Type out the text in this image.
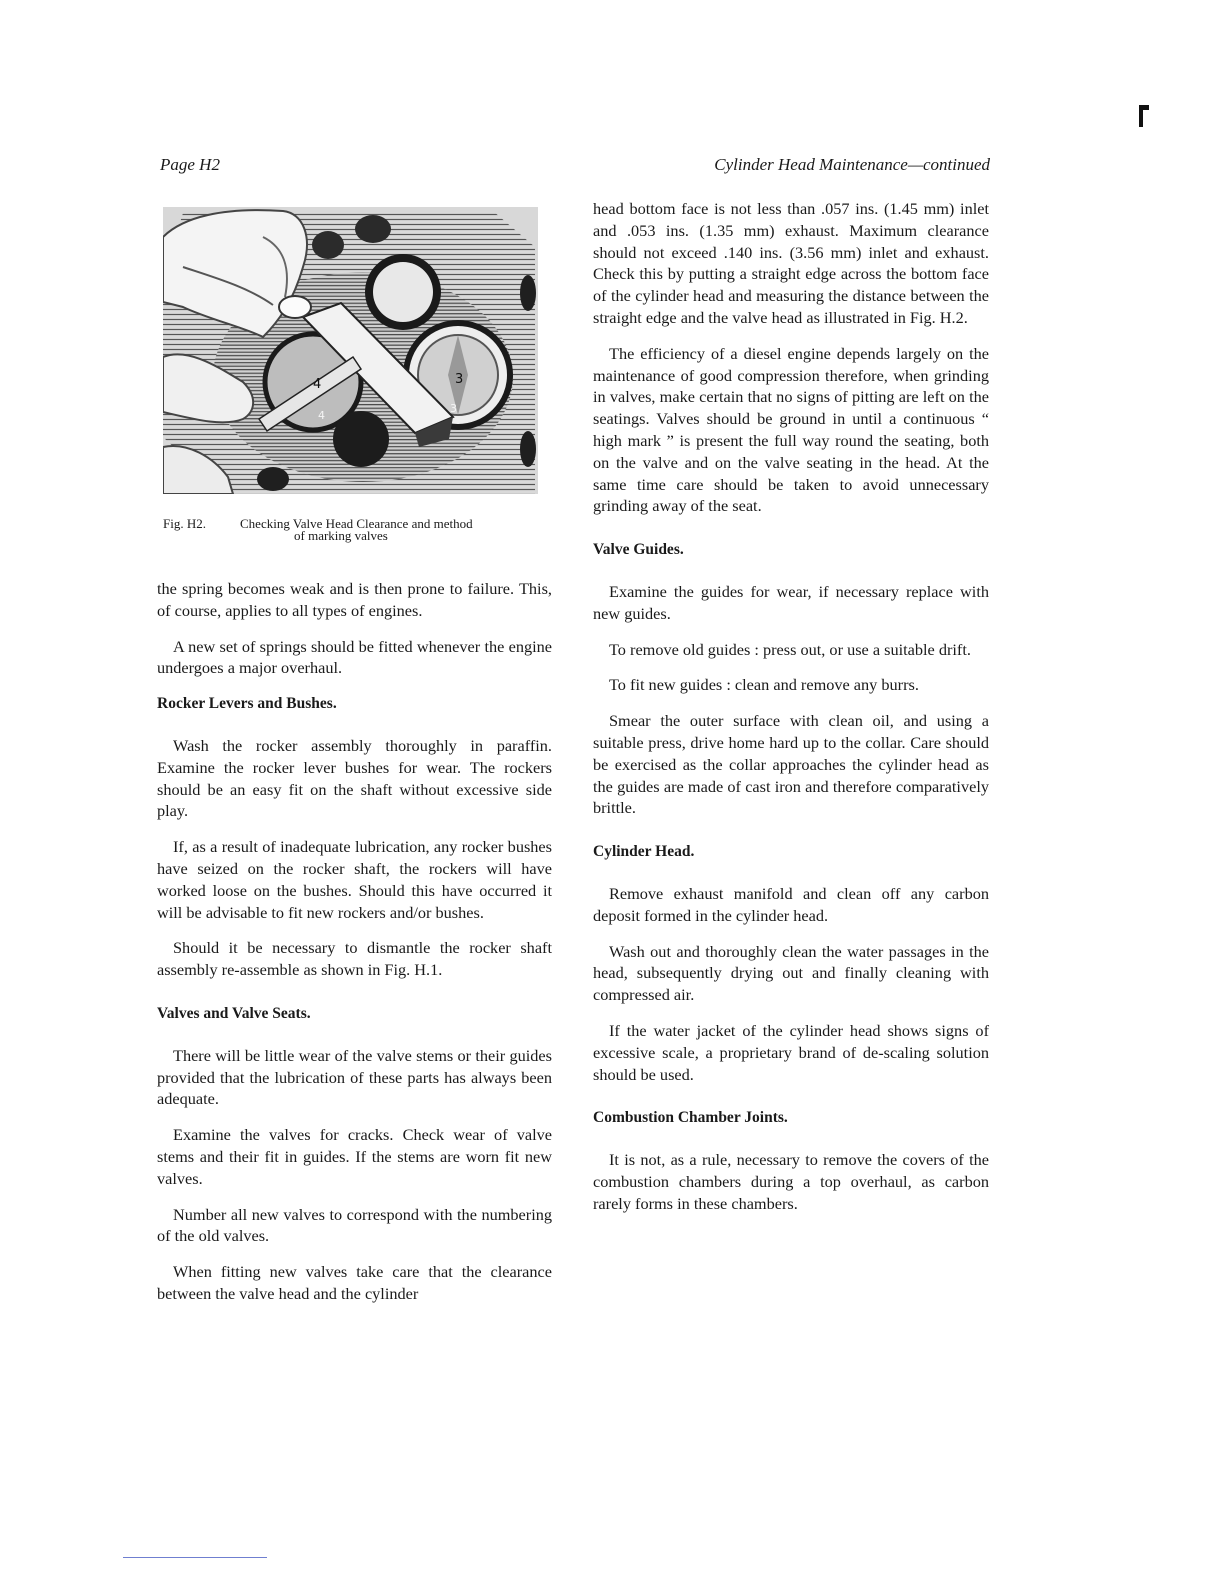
Page H2	Cylinder Head Maintenance—continued
4	3
4
3
Fig. H2.	Checking Valve Head Clearance and method
of marking valves

the spring becomes weak and is then prone to failure. This, of course, applies to all types of engines.

A new set of springs should be fitted whenever the engine undergoes a major overhaul.

Rocker Levers and Bushes.

Wash the rocker assembly thoroughly in paraffin. Examine the rocker lever bushes for wear. The rockers should be an easy fit on the shaft without excessive side play.

If, as a result of inadequate lubrication, any rocker bushes have seized on the rocker shaft, the rockers will have worked loose on the bushes. Should this have occurred it will be advisable to fit new rockers and/or bushes.

Should it be necessary to dismantle the rocker shaft assembly re-assemble as shown in Fig. H.1.

Valves and Valve Seats.

There will be little wear of the valve stems or their guides provided that the lubrication of these parts has always been adequate.

Examine the valves for cracks. Check wear of valve stems and their fit in guides. If the stems are worn fit new valves.

Number all new valves to correspond with the numbering of the old valves.

When fitting new valves take care that the clearance between the valve head and the cylinder

head bottom face is not less than .057 ins. (1.45 mm) inlet and .053 ins. (1.35 mm) exhaust. Maximum clearance should not exceed .140 ins. (3.56 mm) inlet and exhaust. Check this by putting a straight edge across the bottom face of the cylinder head and measuring the distance between the straight edge and the valve head as illustrated in Fig. H.2.

The efficiency of a diesel engine depends largely on the maintenance of good compression therefore, when grinding in valves, make certain that no signs of pitting are left on the seatings. Valves should be ground in until a continuous “ high mark ” is present the full way round the seating, both on the valve and on the valve seating in the head. At the same time care should be taken to avoid unnecessary grinding away of the seat.

Valve Guides.

Examine the guides for wear, if necessary replace with new guides.

To remove old guides : press out, or use a suitable drift.

To fit new guides : clean and remove any burrs.

Smear the outer surface with clean oil, and using a suitable press, drive home hard up to the collar. Care should be exercised as the collar approaches the cylinder head as the guides are made of cast iron and therefore comparatively brittle.

Cylinder Head.

Remove exhaust manifold and clean off any carbon deposit formed in the cylinder head.

Wash out and thoroughly clean the water passages in the head, subsequently drying out and finally cleaning with compressed air.

If the water jacket of the cylinder head shows signs of excessive scale, a proprietary brand of de-scaling solution should be used.

Combustion Chamber Joints.

It is not, as a rule, necessary to remove the covers of the combustion chambers during a top overhaul, as carbon rarely forms in these chambers.
